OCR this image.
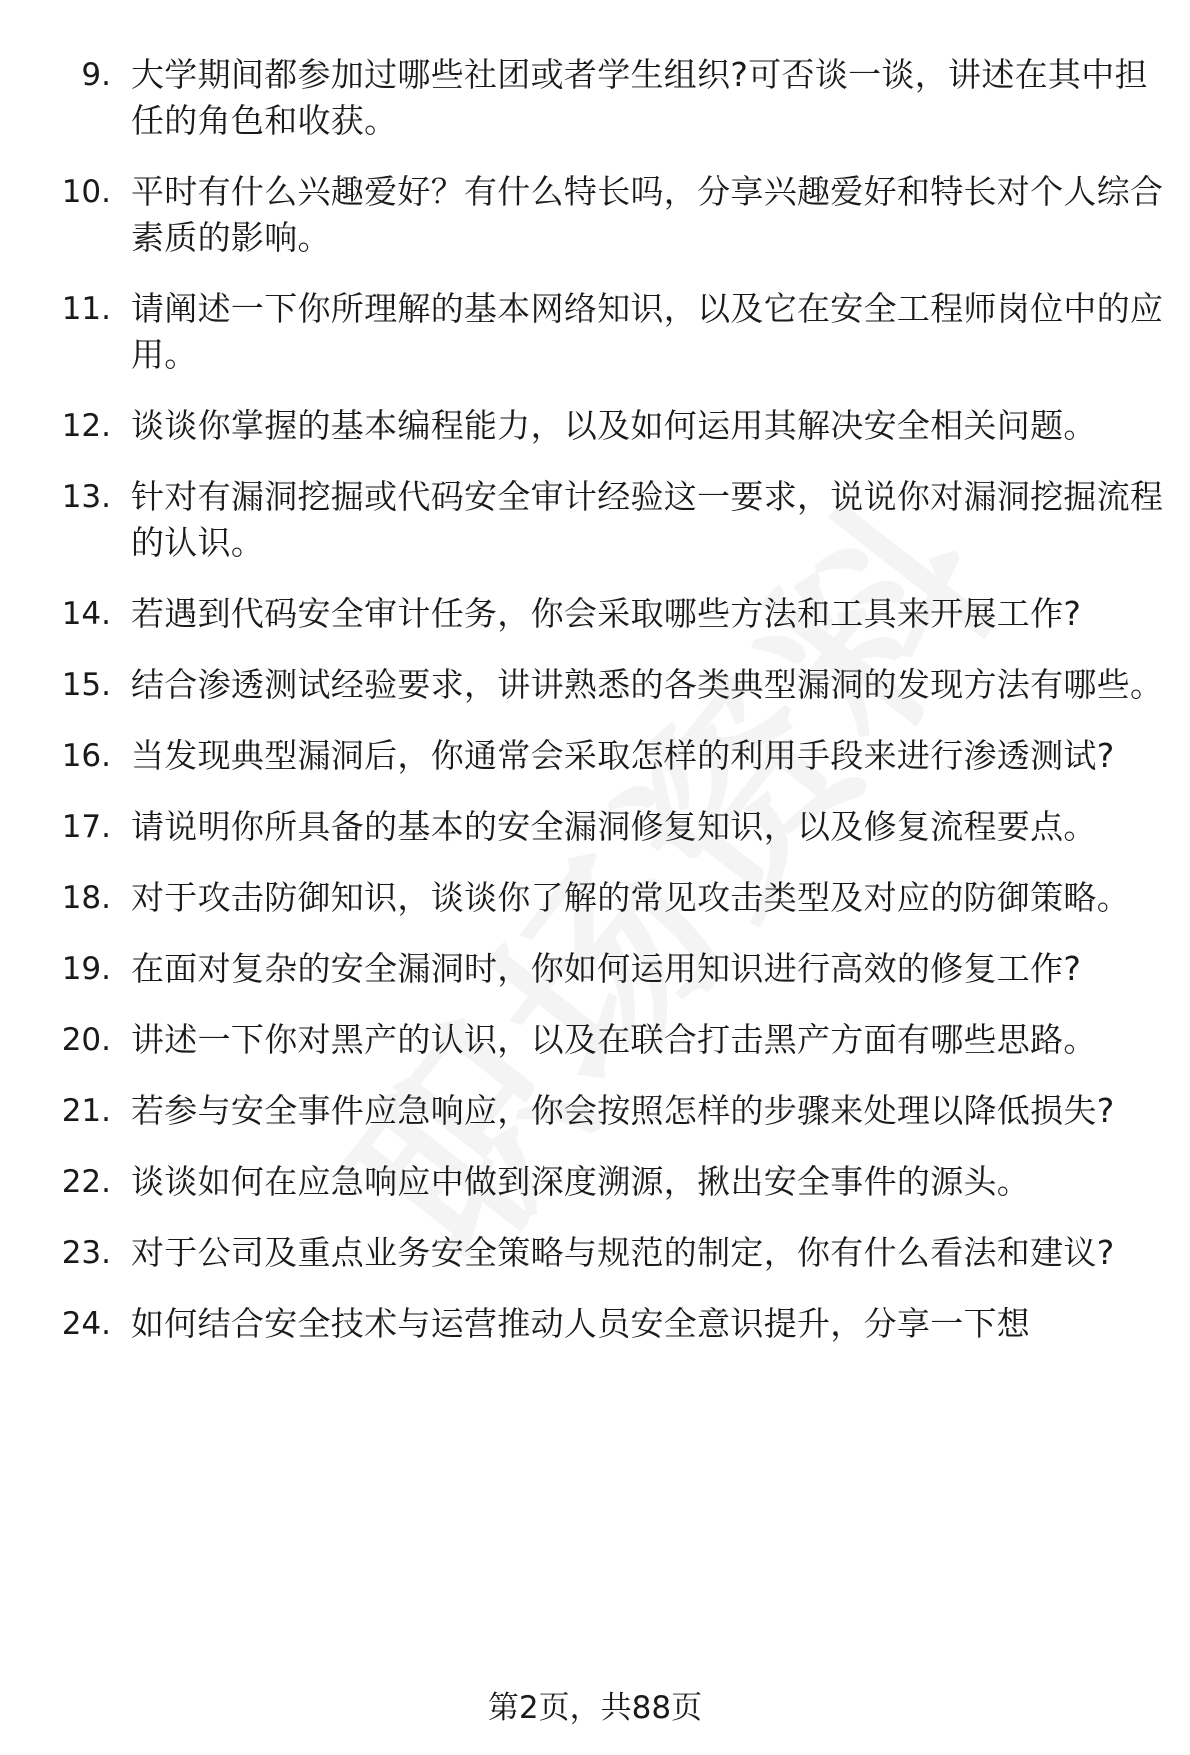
9. 大学期间都参加过哪些社团或者学生组织?可否谈一谈，讲述在其中担任的角色和收获。
10. 平时有什么兴趣爱好？有什么特长吗，分享兴趣爱好和特长对个人综合素质的影响。
11. 请阐述一下你所理解的基本网络知识，以及它在安全工程师岗位中的应用。
12. 谈谈你掌握的基本编程能力，以及如何运用其解决安全相关问题。
13. 针对有漏洞挖掘或代码安全审计经验这一要求，说说你对漏洞挖掘流程的认识。
14. 若遇到代码安全审计任务，你会采取哪些方法和工具来开展工作?
15. 结合渗透测试经验要求，讲讲熟悉的各类典型漏洞的发现方法有哪些。
16. 当发现典型漏洞后，你通常会采取怎样的利用手段来进行渗透测试?
17. 请说明你所具备的基本的安全漏洞修复知识，以及修复流程要点。
18. 对于攻击防御知识，谈谈你了解的常见攻击类型及对应的防御策略。
19. 在面对复杂的安全漏洞时，你如何运用知识进行高效的修复工作?
20. 讲述一下你对黑产的认识，以及在联合打击黑产方面有哪些思路。
21. 若参与安全事件应急响应，你会按照怎样的步骤来处理以降低损失?
22. 谈谈如何在应急响应中做到深度溯源，揪出安全事件的源头。
23. 对于公司及重点业务安全策略与规范的制定，你有什么看法和建议?
24. 如何结合安全技术与运营推动人员安全意识提升，分享一下想
第2页，共88页
